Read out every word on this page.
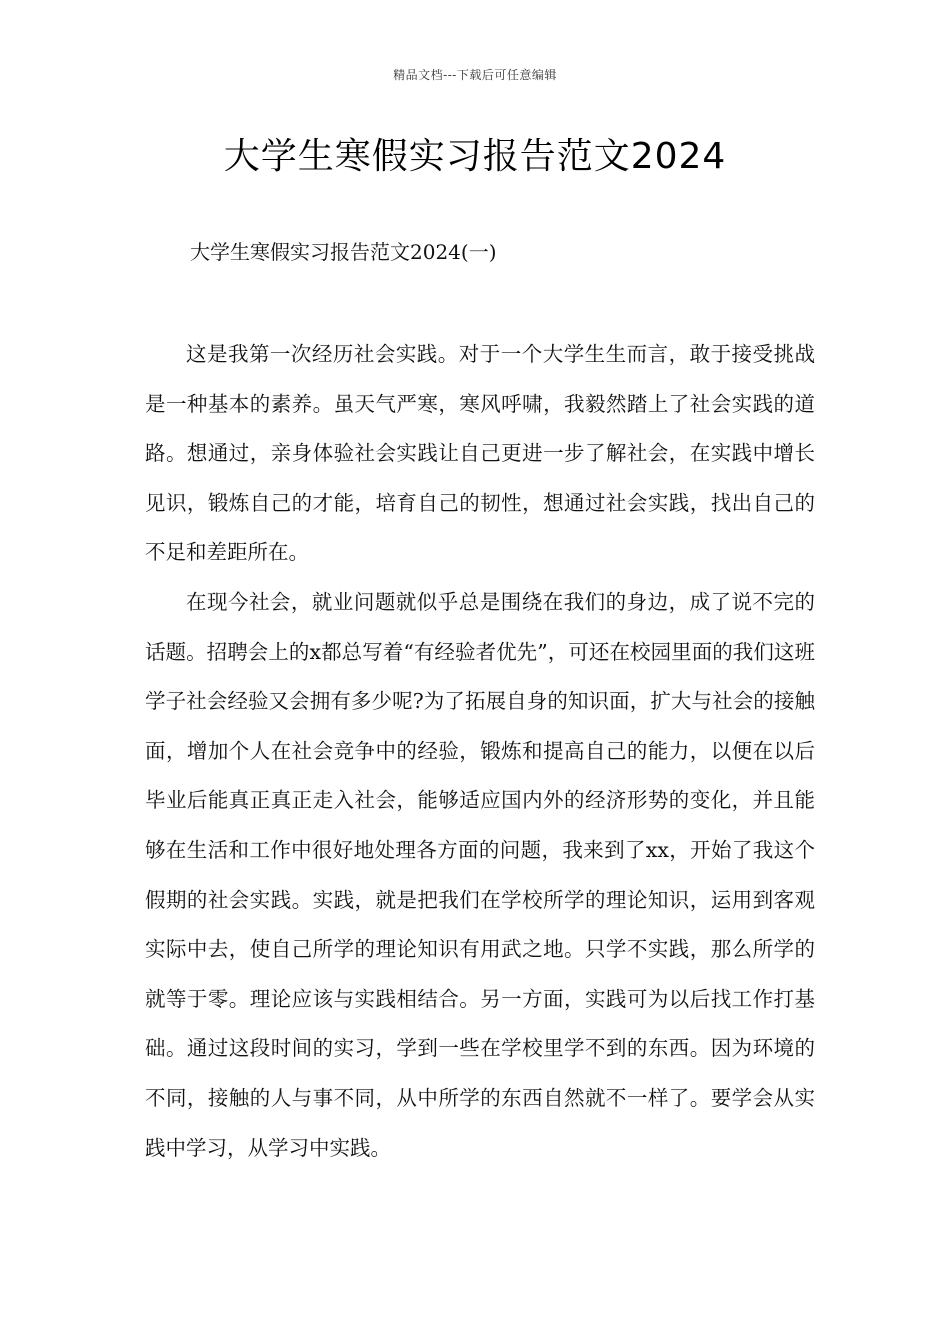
精品文档---下载后可任意编辑
大学生寒假实习报告范文2024
大学生寒假实习报告范文2024(一)

这是我第一次经历社会实践。对于一个大学生生而言，敢于接受挑战是一种基本的素养。虽天气严寒，寒风呼啸，我毅然踏上了社会实践的道路。想通过，亲身体验社会实践让自己更进一步了解社会，在实践中增长见识，锻炼自己的才能，培育自己的韧性，想通过社会实践，找出自己的不足和差距所在。

在现今社会，就业问题就似乎总是围绕在我们的身边，成了说不完的话题。招聘会上的x都总写着“有经验者优先”，可还在校园里面的我们这班学子社会经验又会拥有多少呢?为了拓展自身的知识面，扩大与社会的接触面，增加个人在社会竞争中的经验，锻炼和提高自己的能力，以便在以后毕业后能真正真正走入社会，能够适应国内外的经济形势的变化，并且能够在生活和工作中很好地处理各方面的问题，我来到了xx，开始了我这个假期的社会实践。实践，就是把我们在学校所学的理论知识，运用到客观实际中去，使自己所学的理论知识有用武之地。只学不实践，那么所学的就等于零。理论应该与实践相结合。另一方面，实践可为以后找工作打基础。通过这段时间的实习，学到一些在学校里学不到的东西。因为环境的不同，接触的人与事不同，从中所学的东西自然就不一样了。要学会从实践中学习，从学习中实践。
